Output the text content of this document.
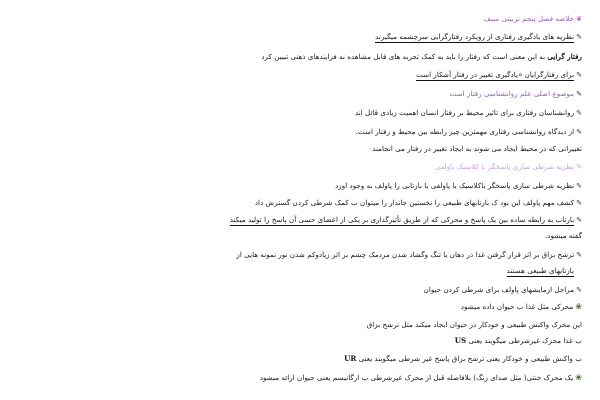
❦خلاصه فصل پنجم تربیتی سیف
✎نظریه های یادگیری رفتاری از رویکرد رفتارگرایی سرچشمه میگیرند
رفتار گرایی به این معنی است که رفتار را باید به کمک تجربه های قابل مشاهده نه فرایندهای ذهنی تبیین کرد
✎برای رفتارگرایان «یادگیری تغییر در رفتار آشکار است
✎موضوع اصلی علم روانشناسی رفتار است
✎روانشناسان رفتاری برای تاثیر محیط بر رفتار انسان اهمیت زیادی قائل اند
✎از دیدگاه روانشناسی رفتاری مهمترین چیز رابطه بین محیط و رفتار است.
تغییراتی که در محیط ایجاد می شوند به ایجاد تغییر در رفتار می انجامند
✎نظریه شرطی سازی پاسخگر یا کلاسیک پاولفی
✎نظریه شرطی سازی پاسخگر یاکلاسیک یا پاولفی یا بازتابی را پاولف به وجود اورد
✎کشف مهم پاولف این بود ک بازتابهای طبیعی را نخستین جاندار را میتوان ب کمک شرطی کردن گسترش داد
✎بازتاب به رابطه ساده بین یک پاسخ و محرکی که از طریق تأثیرگذاری بر یکی از اعضای حسی آن پاسخ را تولید میکند
گفته میشود.
✎ترشح بزاق بر اثر قرار گرفتن غذا در دهان یا تنگ وگشاد شدن مردمک چشم بر اثر زیادوکم شدن نور نمونه هایی از
بازتابهای طبیعی هستند
✎مراحل ازمایشهای پاولف برای شرطی کردن حیوان
❀محرکی مثل غذا ب حیوان داده میشود
این محرک واکنش طبیعی و خودکار در حیوان ایجاد میکند مثل ترشح بزاق
ب غذا محرک غیرشرطی میگویند یعنی US
ب واکنش طبیعی و خودکار یعنی ترشح بزاق پاسخ غیر شرطی میگویند یعنی UR
❀یک محرک خنثی( مثل صدای زنگ) بلافاصله قبل از محرک غیرشرطی ب ارگانیسم یعنی حیوان ارائه میشود
